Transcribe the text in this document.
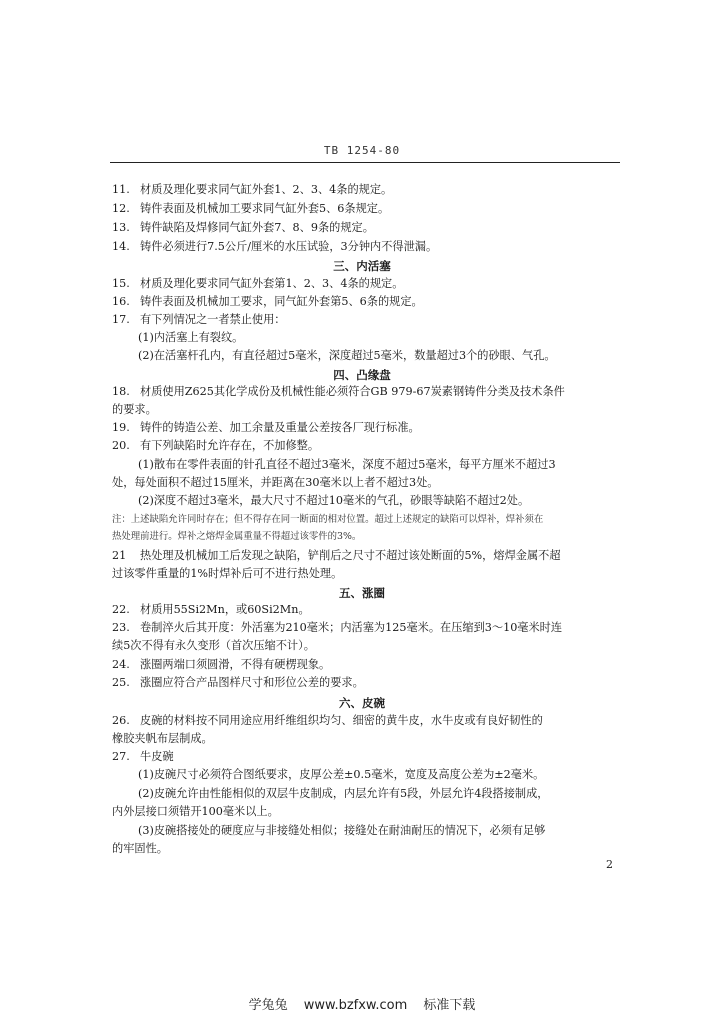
TB 1254-80
11. 材质及理化要求同气缸外套1、2、3、4条的规定。
12. 铸件表面及机械加工要求同气缸外套5、6条规定。
13. 铸件缺陷及焊修同气缸外套7、8、9条的规定。
14. 铸件必须进行7.5公斤/厘米的水压试验，3分钟内不得泄漏。
三、内活塞
15. 材质及理化要求同气缸外套第1、2、3、4条的规定。
16. 铸件表面及机械加工要求，同气缸外套第5、6条的规定。
17. 有下列情况之一者禁止使用：
(1)内活塞上有裂纹。
(2)在活塞杆孔内，有直径超过5毫米，深度超过5毫米，数量超过3个的砂眼、气孔。
四、凸缘盘
18. 材质使用Z625其化学成份及机械性能必须符合GB 979-67炭素钢铸件分类及技术条件
的要求。
19. 铸件的铸造公差、加工余量及重量公差按各厂现行标准。
20. 有下列缺陷时允许存在，不加修整。
(1)散布在零件表面的针孔直径不超过3毫米，深度不超过5毫米，每平方厘米不超过3
处，每处面积不超过15厘米，并距离在30毫米以上者不超过3处。
(2)深度不超过3毫米，最大尺寸不超过10毫米的气孔，砂眼等缺陷不超过2处。
注：上述缺陷允许同时存在；但不得存在同一断面的相对位置。超过上述规定的缺陷可以焊补，焊补须在
热处理前进行。焊补之熔焊金属重量不得超过该零件的3%。
21 热处理及机械加工后发现之缺陷，铲削后之尺寸不超过该处断面的5%，熔焊金属不超
过该零件重量的1%时焊补后可不进行热处理。
五、涨圈
22. 材质用55Si2Mn，或60Si2Mn。
23. 卷制淬火后其开度：外活塞为210毫米；内活塞为125毫米。在压缩到3～10毫米时连
续5次不得有永久变形（首次压缩不计）。
24. 涨圈两端口须圆滑，不得有硬楞现象。
25. 涨圈应符合产品图样尺寸和形位公差的要求。
六、皮碗
26. 皮碗的材料按不同用途应用纤维组织均匀、细密的黄牛皮，水牛皮或有良好韧性的
橡胶夹帆布层制成。
27. 牛皮碗
(1)皮碗尺寸必须符合图纸要求，皮厚公差±0.5毫米，宽度及高度公差为±2毫米。
(2)皮碗允许由性能相似的双层牛皮制成，内层允许有5段，外层允许4段搭接制成，
内外层接口须错开100毫米以上。
(3)皮碗搭接处的硬度应与非接缝处相似；接缝处在耐油耐压的情况下，必须有足够
的牢固性。
2
学兔兔 www.bzfxw.com 标准下载
